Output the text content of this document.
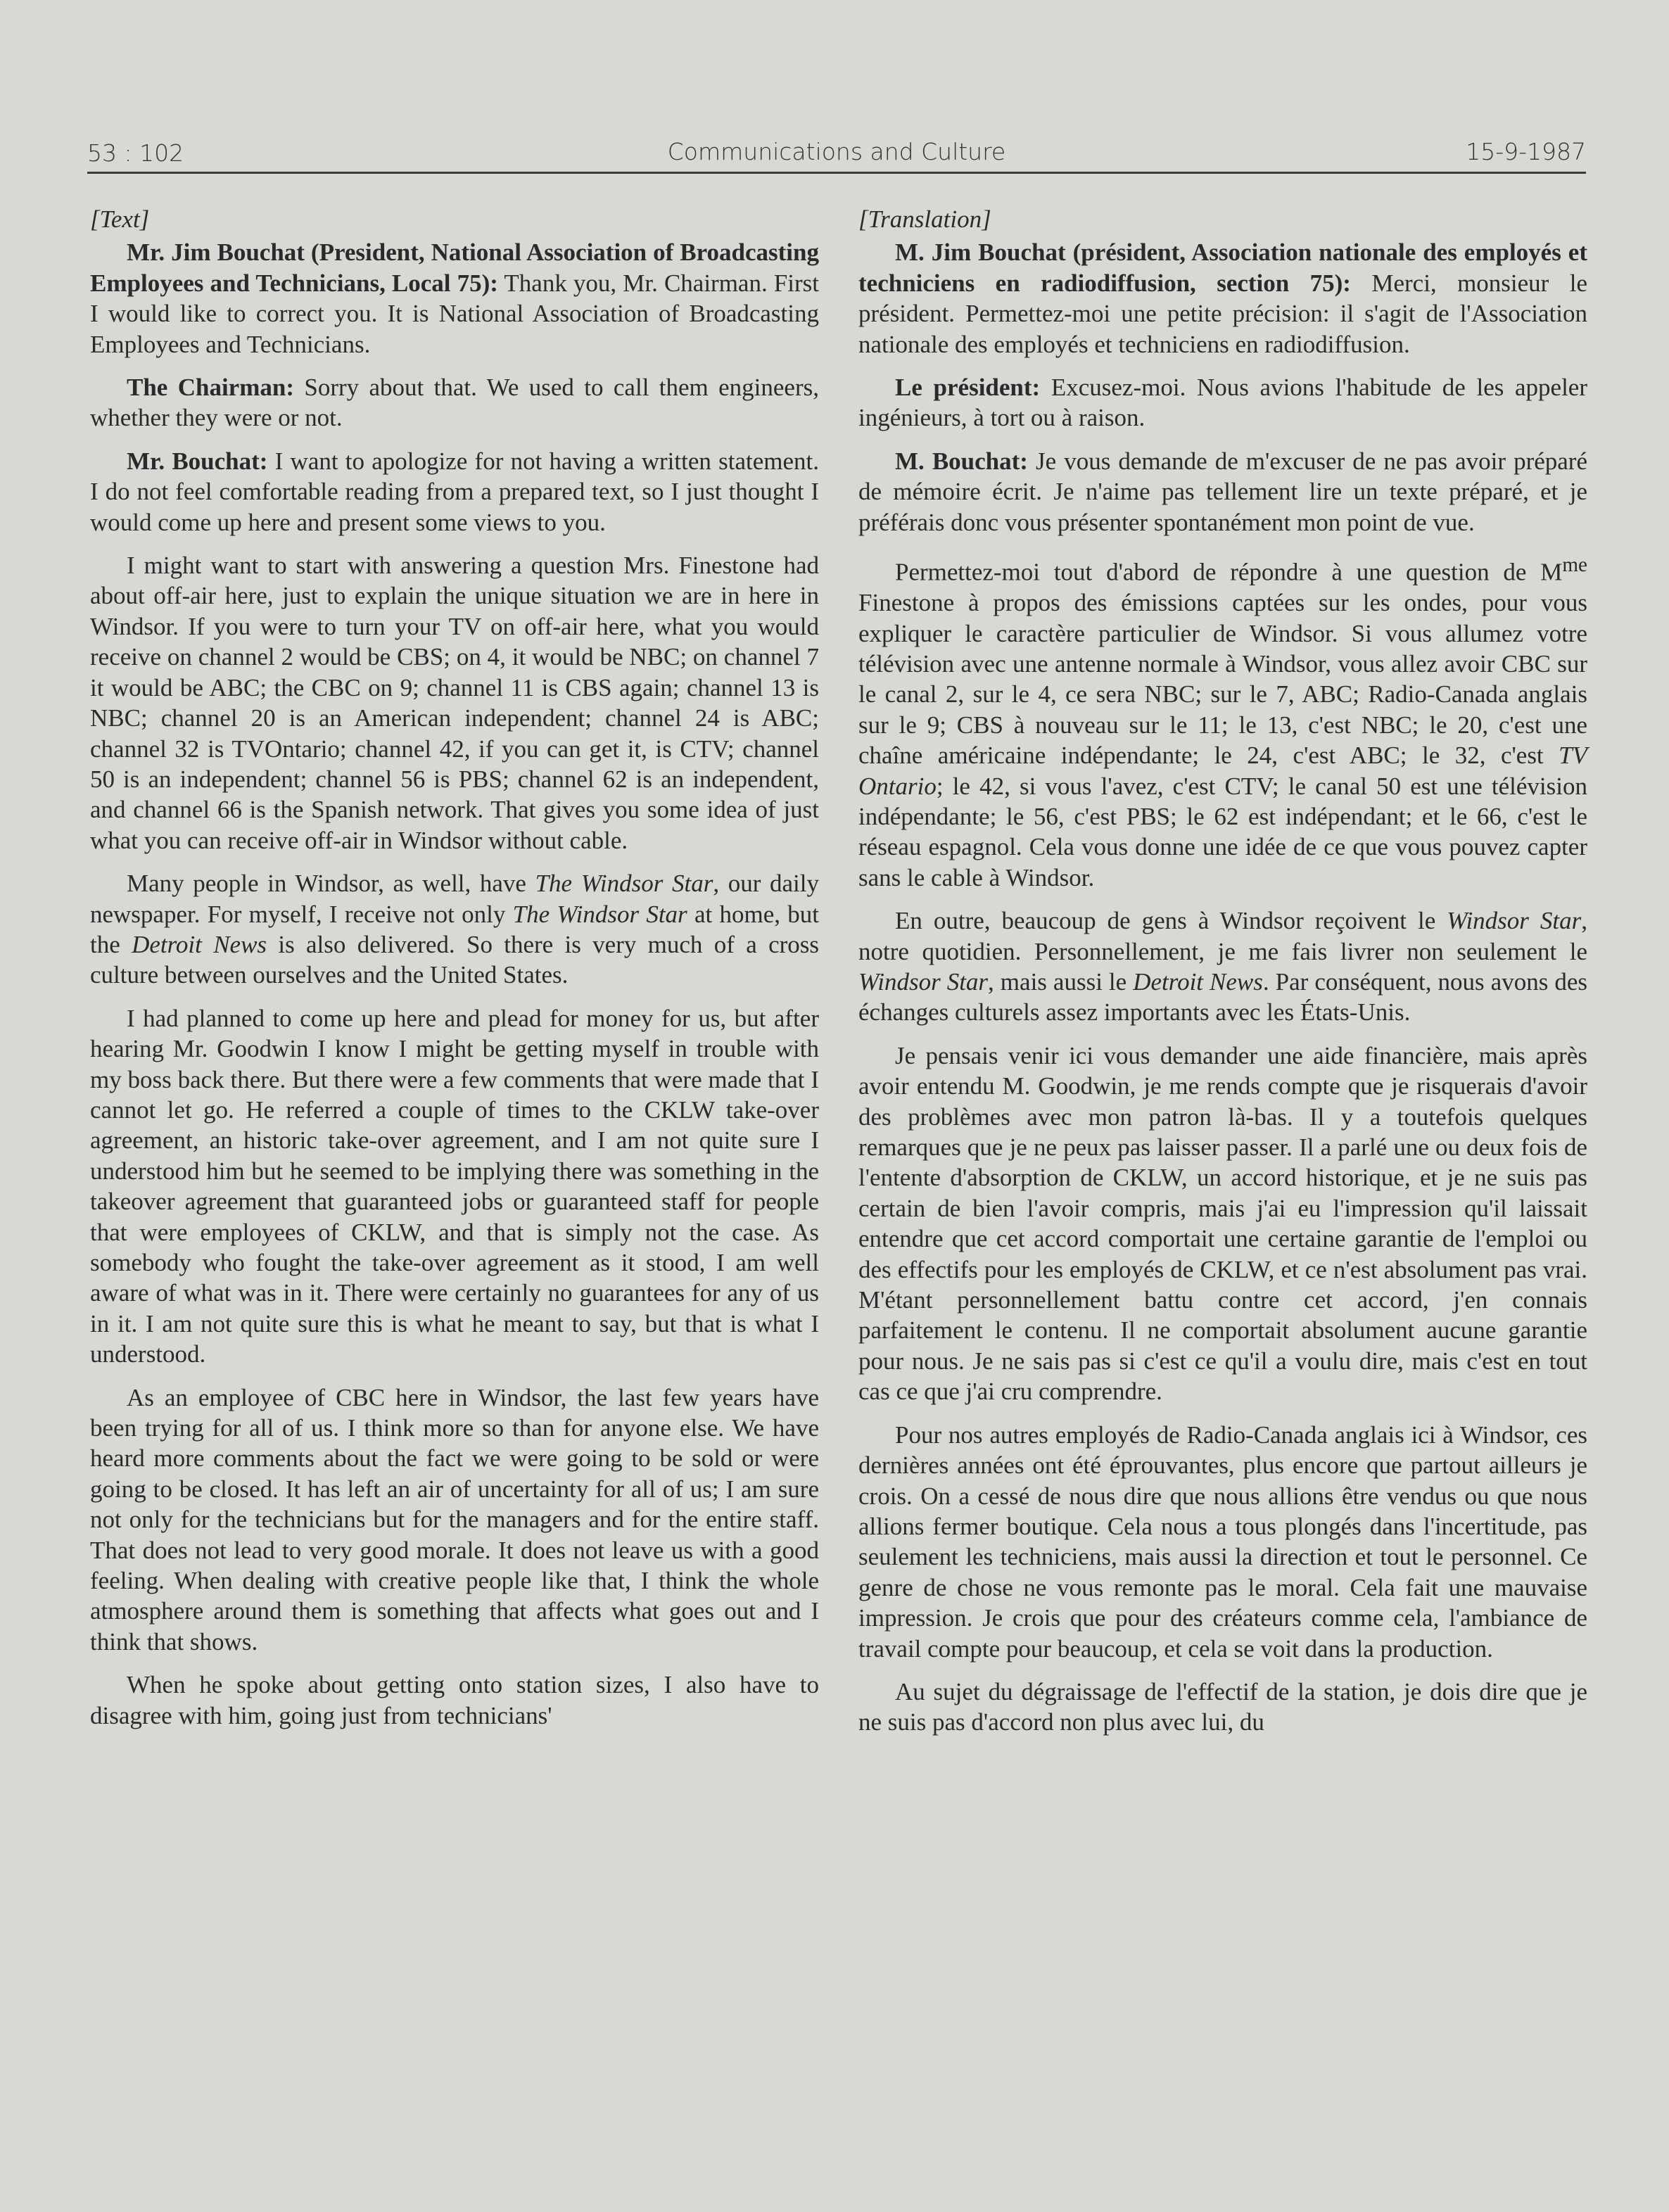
53 : 102	Communications and Culture	15-9-1987

[Text]

Mr. Jim Bouchat (President, National Association of Broadcasting Employees and Technicians, Local 75): Thank you, Mr. Chairman. First I would like to correct you. It is National Association of Broadcasting Employees and Technicians.

The Chairman: Sorry about that. We used to call them engineers, whether they were or not.

Mr. Bouchat: I want to apologize for not having a written statement. I do not feel comfortable reading from a prepared text, so I just thought I would come up here and present some views to you.

I might want to start with answering a question Mrs. Finestone had about off-air here, just to explain the unique situation we are in here in Windsor. If you were to turn your TV on off-air here, what you would receive on channel 2 would be CBS; on 4, it would be NBC; on channel 7 it would be ABC; the CBC on 9; channel 11 is CBS again; channel 13 is NBC; channel 20 is an American independent; channel 24 is ABC; channel 32 is TVOntario; channel 42, if you can get it, is CTV; channel 50 is an independent; channel 56 is PBS; channel 62 is an independent, and channel 66 is the Spanish network. That gives you some idea of just what you can receive off-air in Windsor without cable.

Many people in Windsor, as well, have The Windsor Star, our daily newspaper. For myself, I receive not only The Windsor Star at home, but the Detroit News is also delivered. So there is very much of a cross culture between ourselves and the United States.

I had planned to come up here and plead for money for us, but after hearing Mr. Goodwin I know I might be getting myself in trouble with my boss back there. But there were a few comments that were made that I cannot let go. He referred a couple of times to the CKLW take-over agreement, an historic take-over agreement, and I am not quite sure I understood him but he seemed to be implying there was something in the takeover agreement that guaranteed jobs or guaranteed staff for people that were employees of CKLW, and that is simply not the case. As somebody who fought the take-over agreement as it stood, I am well aware of what was in it. There were certainly no guarantees for any of us in it. I am not quite sure this is what he meant to say, but that is what I understood.

As an employee of CBC here in Windsor, the last few years have been trying for all of us. I think more so than for anyone else. We have heard more comments about the fact we were going to be sold or were going to be closed. It has left an air of uncertainty for all of us; I am sure not only for the technicians but for the managers and for the entire staff. That does not lead to very good morale. It does not leave us with a good feeling. When dealing with creative people like that, I think the whole atmosphere around them is something that affects what goes out and I think that shows.

When he spoke about getting onto station sizes, I also have to disagree with him, going just from technicians'

[Translation]

M. Jim Bouchat (président, Association nationale des employés et techniciens en radiodiffusion, section 75): Merci, monsieur le président. Permettez-moi une petite précision: il s'agit de l'Association nationale des employés et techniciens en radiodiffusion.

Le président: Excusez-moi. Nous avions l'habitude de les appeler ingénieurs, à tort ou à raison.

M. Bouchat: Je vous demande de m'excuser de ne pas avoir préparé de mémoire écrit. Je n'aime pas tellement lire un texte préparé, et je préférais donc vous présenter spontanément mon point de vue.

Permettez-moi tout d'abord de répondre à une question de $M^{me}$ Finestone à propos des émissions captées sur les ondes, pour vous expliquer le caractère particulier de Windsor. Si vous allumez votre télévision avec une antenne normale à Windsor, vous allez avoir CBC sur le canal 2, sur le 4, ce sera NBC; sur le 7, ABC; Radio-Canada anglais sur le 9; CBS à nouveau sur le 11; le 13, c'est NBC; le 20, c'est une chaîne américaine indépendante; le 24, c'est ABC; le 32, c'est TV Ontario; le 42, si vous l'avez, c'est CTV; le canal 50 est une télévision indépendante; le 56, c'est PBS; le 62 est indépendant; et le 66, c'est le réseau espagnol. Cela vous donne une idée de ce que vous pouvez capter sans le cable à Windsor.

En outre, beaucoup de gens à Windsor reçoivent le Windsor Star, notre quotidien. Personnellement, je me fais livrer non seulement le Windsor Star, mais aussi le Detroit News. Par conséquent, nous avons des échanges culturels assez importants avec les États-Unis.

Je pensais venir ici vous demander une aide financière, mais après avoir entendu M. Goodwin, je me rends compte que je risquerais d'avoir des problèmes avec mon patron là-bas. Il y a toutefois quelques remarques que je ne peux pas laisser passer. Il a parlé une ou deux fois de l'entente d'absorption de CKLW, un accord historique, et je ne suis pas certain de bien l'avoir compris, mais j'ai eu l'impression qu'il laissait entendre que cet accord comportait une certaine garantie de l'emploi ou des effectifs pour les employés de CKLW, et ce n'est absolument pas vrai. M'étant personnellement battu contre cet accord, j'en connais parfaitement le contenu. Il ne comportait absolument aucune garantie pour nous. Je ne sais pas si c'est ce qu'il a voulu dire, mais c'est en tout cas ce que j'ai cru comprendre.

Pour nos autres employés de Radio-Canada anglais ici à Windsor, ces dernières années ont été éprouvantes, plus encore que partout ailleurs je crois. On a cessé de nous dire que nous allions être vendus ou que nous allions fermer boutique. Cela nous a tous plongés dans l'incertitude, pas seulement les techniciens, mais aussi la direction et tout le personnel. Ce genre de chose ne vous remonte pas le moral. Cela fait une mauvaise impression. Je crois que pour des créateurs comme cela, l'ambiance de travail compte pour beaucoup, et cela se voit dans la production.

Au sujet du dégraissage de l'effectif de la station, je dois dire que je ne suis pas d'accord non plus avec lui, du
